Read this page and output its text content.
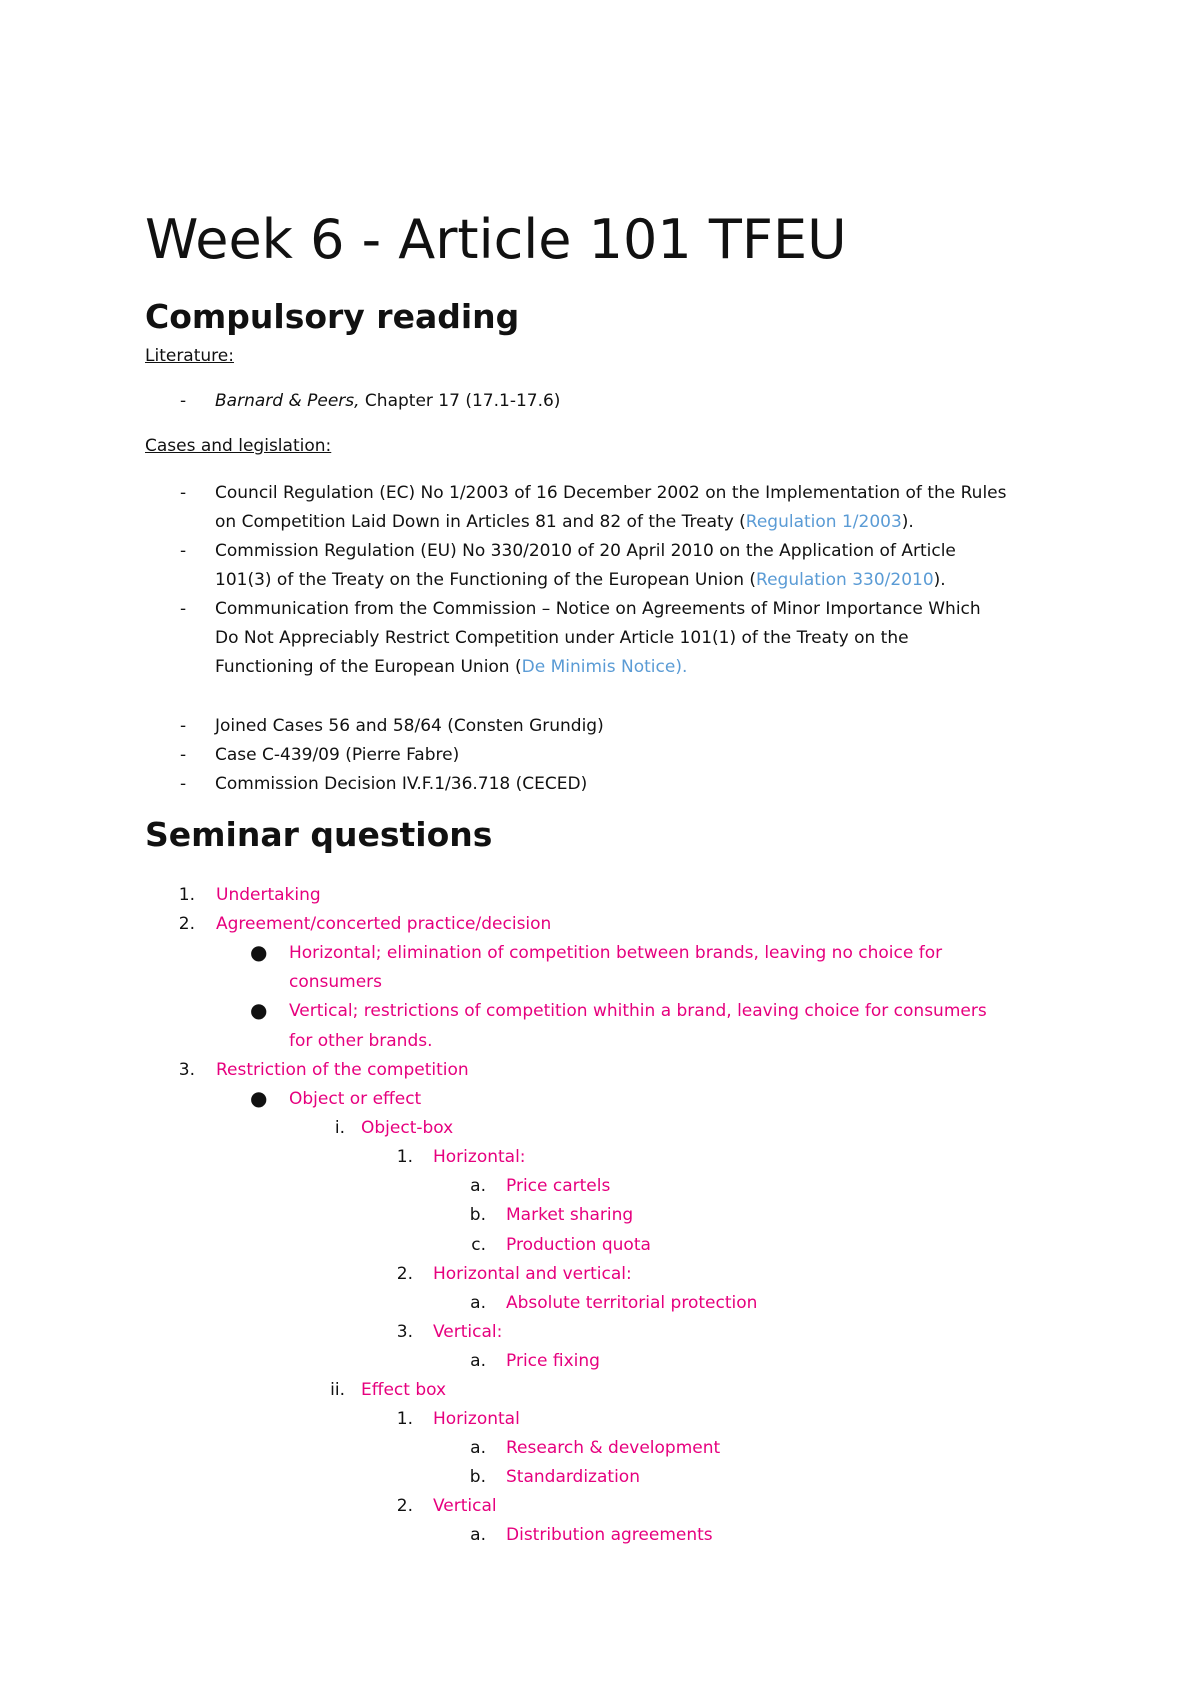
Week 6 - Article 101 TFEU
Compulsory reading
Literature:
- Barnard & Peers, Chapter 17 (17.1-17.6)
Cases and legislation:
- Council Regulation (EC) No 1/2003 of 16 December 2002 on the Implementation of the Rules
on Competition Laid Down in Articles 81 and 82 of the Treaty (Regulation 1/2003).
- Commission Regulation (EU) No 330/2010 of 20 April 2010 on the Application of Article
101(3) of the Treaty on the Functioning of the European Union (Regulation 330/2010).
- Communication from the Commission – Notice on Agreements of Minor Importance Which
Do Not Appreciably Restrict Competition under Article 101(1) of the Treaty on the
Functioning of the European Union (De Minimis Notice).
- Joined Cases 56 and 58/64 (Consten Grundig)
- Case C-439/09 (Pierre Fabre)
- Commission Decision IV.F.1/36.718 (CECED)
Seminar questions
1. Undertaking
2. Agreement/concerted practice/decision
● Horizontal; elimination of competition between brands, leaving no choice for
consumers
● Vertical; restrictions of competition whithin a brand, leaving choice for consumers
for other brands.
3. Restriction of the competition
● Object or effect
i. Object-box
1. Horizontal:
a. Price cartels
b. Market sharing
c. Production quota
2. Horizontal and vertical:
a. Absolute territorial protection
3. Vertical:
a. Price fixing
ii. Effect box
1. Horizontal
a. Research & development
b. Standardization
2. Vertical
a. Distribution agreements
